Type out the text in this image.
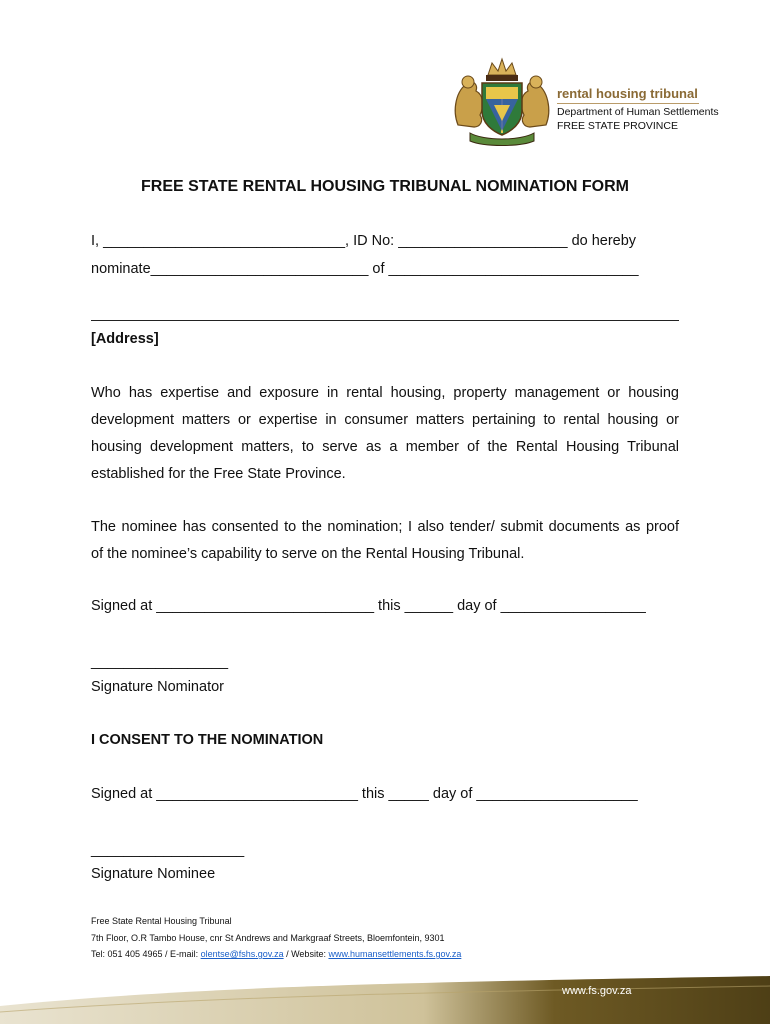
rental housing tribunal
Department of Human Settlements
FREE STATE PROVINCE
FREE STATE RENTAL HOUSING TRIBUNAL NOMINATION FORM
I, ______________________________, ID No: _____________________ do hereby
nominate___________________________ of _______________________________
[Address]
Who has expertise and exposure in rental housing, property management or housing
development matters or expertise in consumer matters pertaining to rental housing or
housing development matters, to serve as a member of the Rental Housing Tribunal
established for the Free State Province.
The nominee has consented to the nomination; I also tender/ submit documents as proof
of the nominee’s capability to serve on the Rental Housing Tribunal.
Signed at ___________________________ this ______ day of __________________
_________________
Signature Nominator
I CONSENT TO THE NOMINATION
Signed at _________________________ this _____ day of ____________________
___________________
Signature Nominee
Free State Rental Housing Tribunal
7th Floor, O.R Tambo House, cnr St Andrews and Markgraaf Streets, Bloemfontein, 9301
Tel: 051 405 4965 / E-mail: olentse@fshs.gov.za / Website: www.humansettlements.fs.gov.za
www.fs.gov.za
